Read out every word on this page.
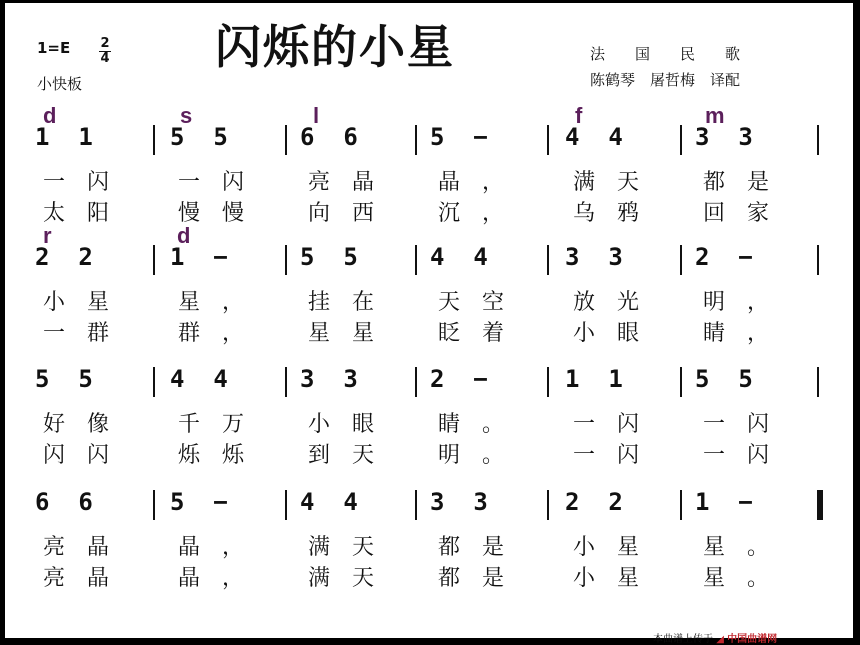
闪烁的小星
1=E 2
4
小快板
法　　国　　民　　歌
陈鹤琴　屠哲梅　译配
d	s	l	f	m
r	d
1  1	5  5	6  6	5  −	4  4	3  3
一　闪	一　闪	亮　晶	晶　，	满　天	都　是
太　阳	慢　慢	向　西	沉　，	乌　鸦	回　家
2  2	1  −	5  5	4  4	3  3	2  −
小　星	星　，	挂　在	天　空	放　光	明　，
一　群	群　，	星　星	眨　着	小　眼	睛　，
5  5	4  4	3  3	2  −	1  1	5  5
好　像	千　万	小　眼	睛　。	一　闪	一　闪
闪　闪	烁　烁	到　天	明　。	一　闪	一　闪
6  6	5  −	4  4	3  3	2  2	1  −
亮　晶	晶　，	满　天	都　是	小　星	星　。
亮　晶	晶　，	满　天	都　是	小　星	星　。
本曲谱上传于 ◢ 中国曲谱网
